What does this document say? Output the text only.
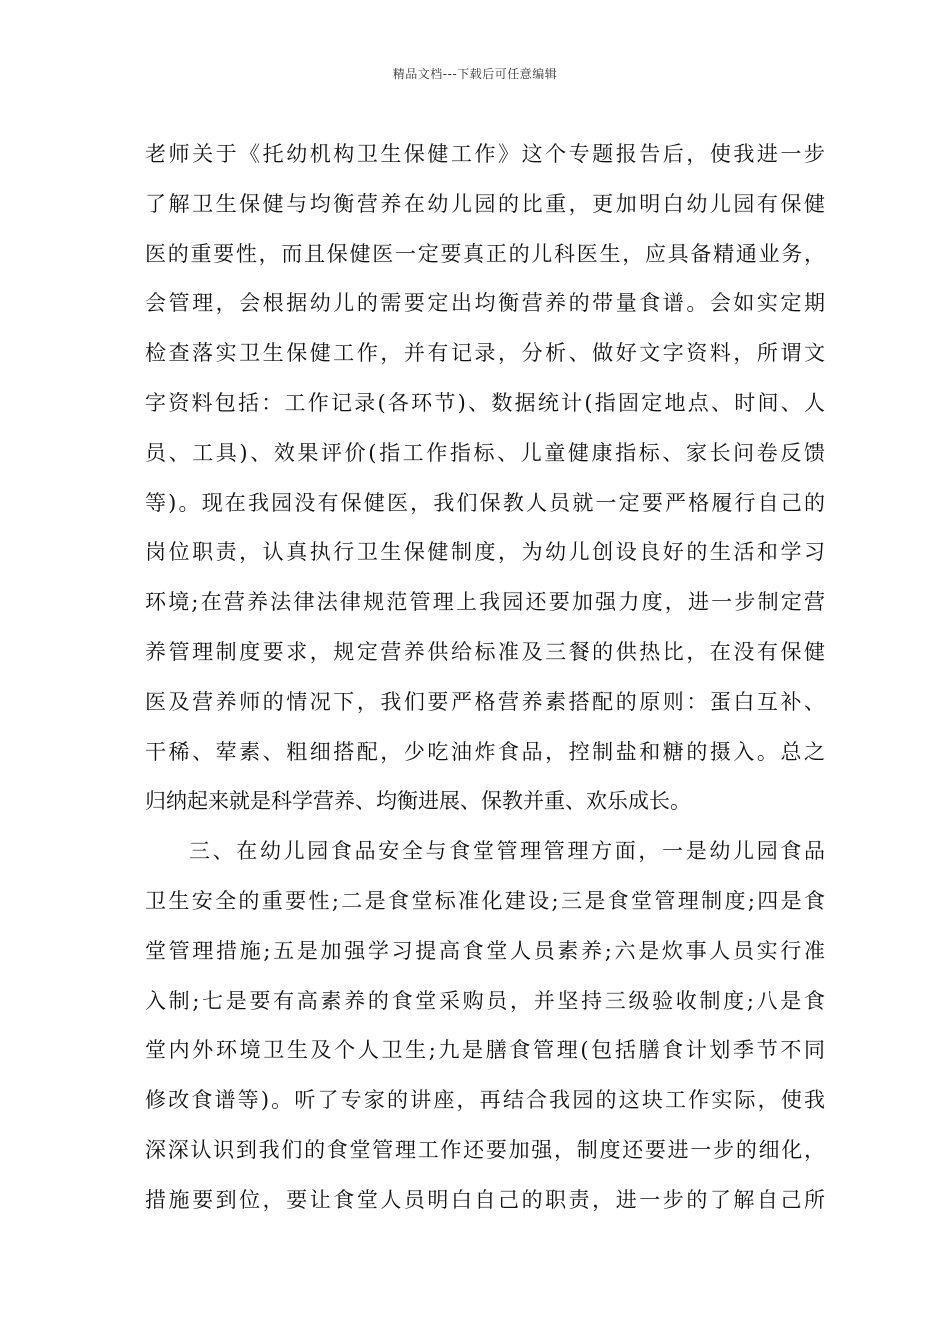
精品文档---下载后可任意编辑
老师关于《托幼机构卫生保健工作》这个专题报告后，使我进一步
了解卫生保健与均衡营养在幼儿园的比重，更加明白幼儿园有保健
医的重要性，而且保健医一定要真正的儿科医生，应具备精通业务，
会管理，会根据幼儿的需要定出均衡营养的带量食谱。会如实定期
检查落实卫生保健工作，并有记录，分析、做好文字资料，所谓文
字资料包括：工作记录(各环节)、数据统计(指固定地点、时间、人
员、工具)、效果评价(指工作指标、儿童健康指标、家长问卷反馈
等)。现在我园没有保健医，我们保教人员就一定要严格履行自己的
岗位职责，认真执行卫生保健制度，为幼儿创设良好的生活和学习
环境;在营养法律法律规范管理上我园还要加强力度，进一步制定营
养管理制度要求，规定营养供给标准及三餐的供热比，在没有保健
医及营养师的情况下，我们要严格营养素搭配的原则：蛋白互补、
干稀、荤素、粗细搭配，少吃油炸食品，控制盐和糖的摄入。总之
归纳起来就是科学营养、均衡进展、保教并重、欢乐成长。
三、在幼儿园食品安全与食堂管理管理方面，一是幼儿园食品
卫生安全的重要性;二是食堂标准化建设;三是食堂管理制度;四是食
堂管理措施;五是加强学习提高食堂人员素养;六是炊事人员实行准
入制;七是要有高素养的食堂采购员，并坚持三级验收制度;八是食
堂内外环境卫生及个人卫生;九是膳食管理(包括膳食计划季节不同
修改食谱等)。听了专家的讲座，再结合我园的这块工作实际，使我
深深认识到我们的食堂管理工作还要加强，制度还要进一步的细化，
措施要到位，要让食堂人员明白自己的职责，进一步的了解自己所
